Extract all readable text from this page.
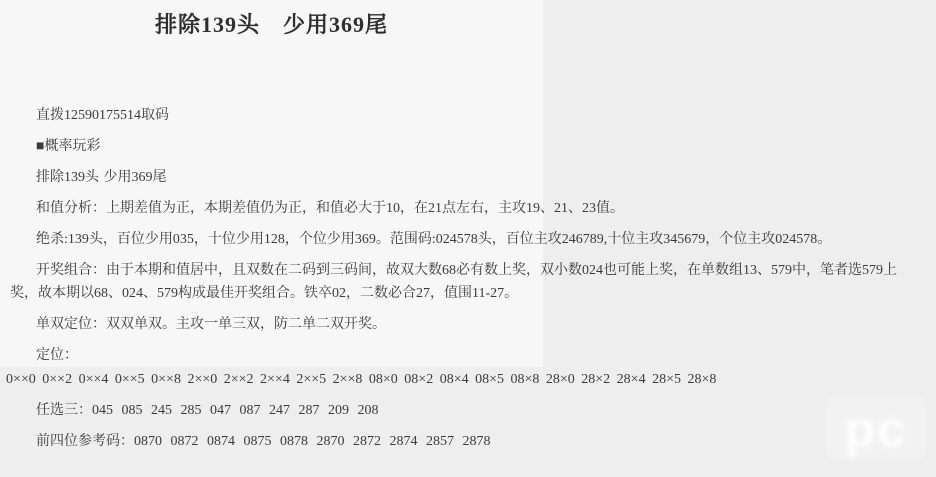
排除139头　少用369尾

直拨12590175514取码

■概率玩彩

排除139头 少用369尾

和值分析：上期差值为正，本期差值仍为正，和值必大于10，在21点左右，主攻19、21、23值。

绝杀:139头，百位少用035，十位少用128，个位少用369。范围码:024578头，百位主攻246789,十位主攻345679，个位主攻024578。

开奖组合：由于本期和值居中，且双数在二码到三码间，故双大数68必有数上奖，双小数024也可能上奖，在单数组13、579中，笔者选579上奖，故本期以68、024、579构成最佳开奖组合。铁卒02，二数必合27，值围11-27。

单双定位：双双单双。主攻一单三双，防二单二双开奖。

定位：

0××0 0××2 0××4 0××5 0××8 2××0 2××2 2××4 2××5 2××8 08×0 08×2 08×4 08×5 08×8 28×0 28×2 28×4 28×5 28×8

任选三：045 085 245 285 047 087 247 287 209 208

前四位参考码：0870 0872 0874 0875 0878 2870 2872 2874 2857 2878	pc
